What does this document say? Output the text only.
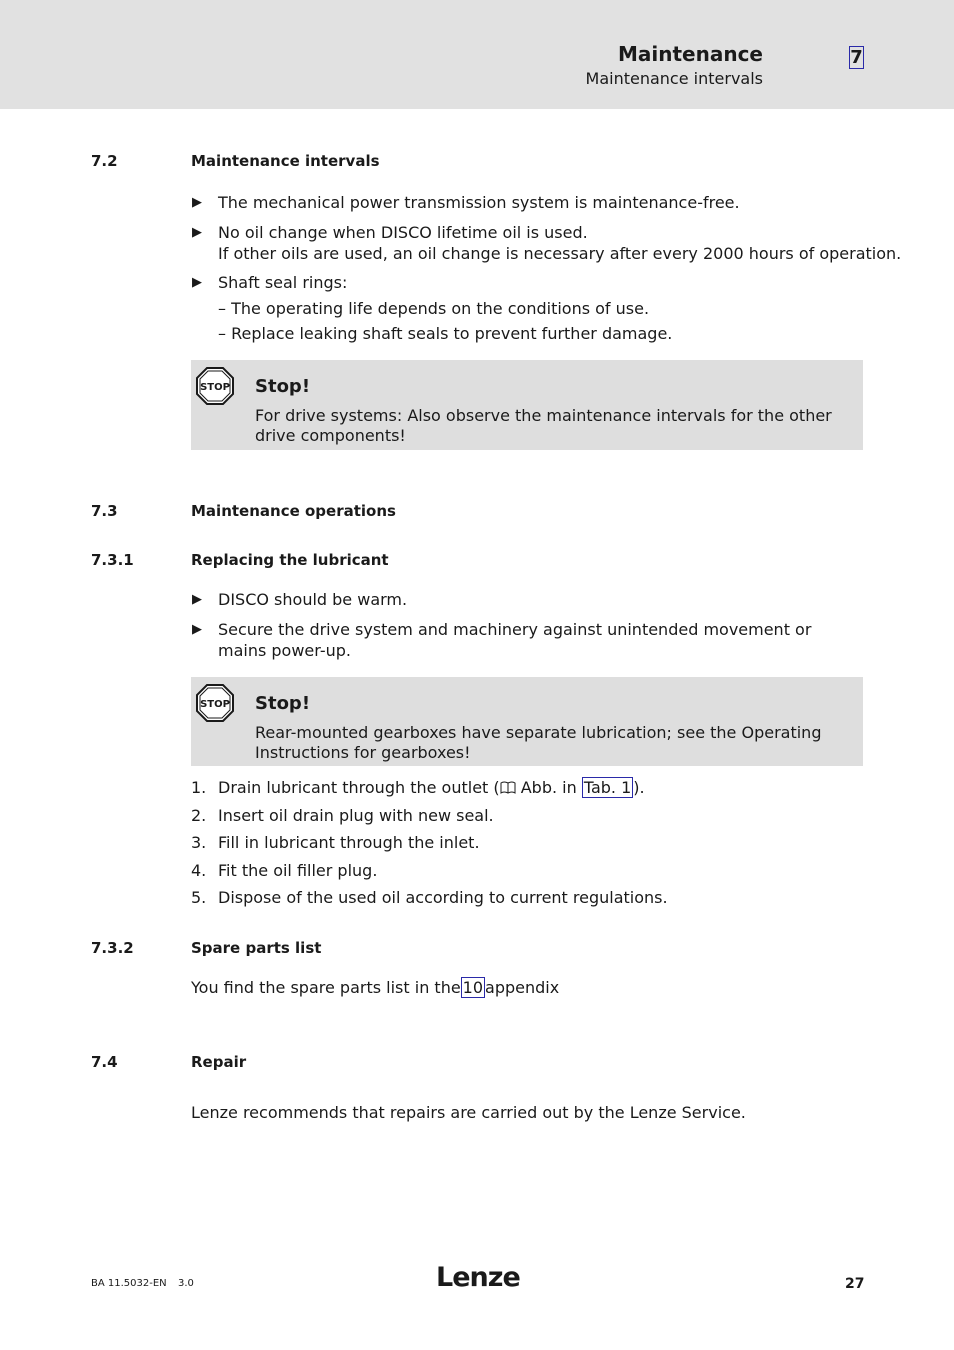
Maintenance
Maintenance intervals
7
7.2	Maintenance intervals
▶ The mechanical power transmission system is maintenance-free.
▶ No oil change when DISCO lifetime oil is used.
If other oils are used, an oil change is necessary after every 2000 hours of operation.
▶ Shaft seal rings:
– The operating life depends on the conditions of use.
– Replace leaking shaft seals to prevent further damage.
STOP Stop!
For drive systems: Also observe the maintenance intervals for the other drive components!
7.3	Maintenance operations
7.3.1	Replacing the lubricant
▶ DISCO should be warm.
▶ Secure the drive system and machinery against unintended movement or mains power-up.
STOP Stop!
Rear-mounted gearboxes have separate lubrication; see the Operating Instructions for gearboxes!
1. Drain lubricant through the outlet ( Abb. in Tab. 1 ).
2. Insert oil drain plug with new seal.
3. Fill in lubricant through the inlet.
4. Fit the oil filler plug.
5. Dispose of the used oil according to current regulations.
7.3.2	Spare parts list
You find the spare parts list in the 10 appendix
7.4	Repair
Lenze recommends that repairs are carried out by the Lenze Service.
BA 11.5032-EN 3.0	Lenze	27
